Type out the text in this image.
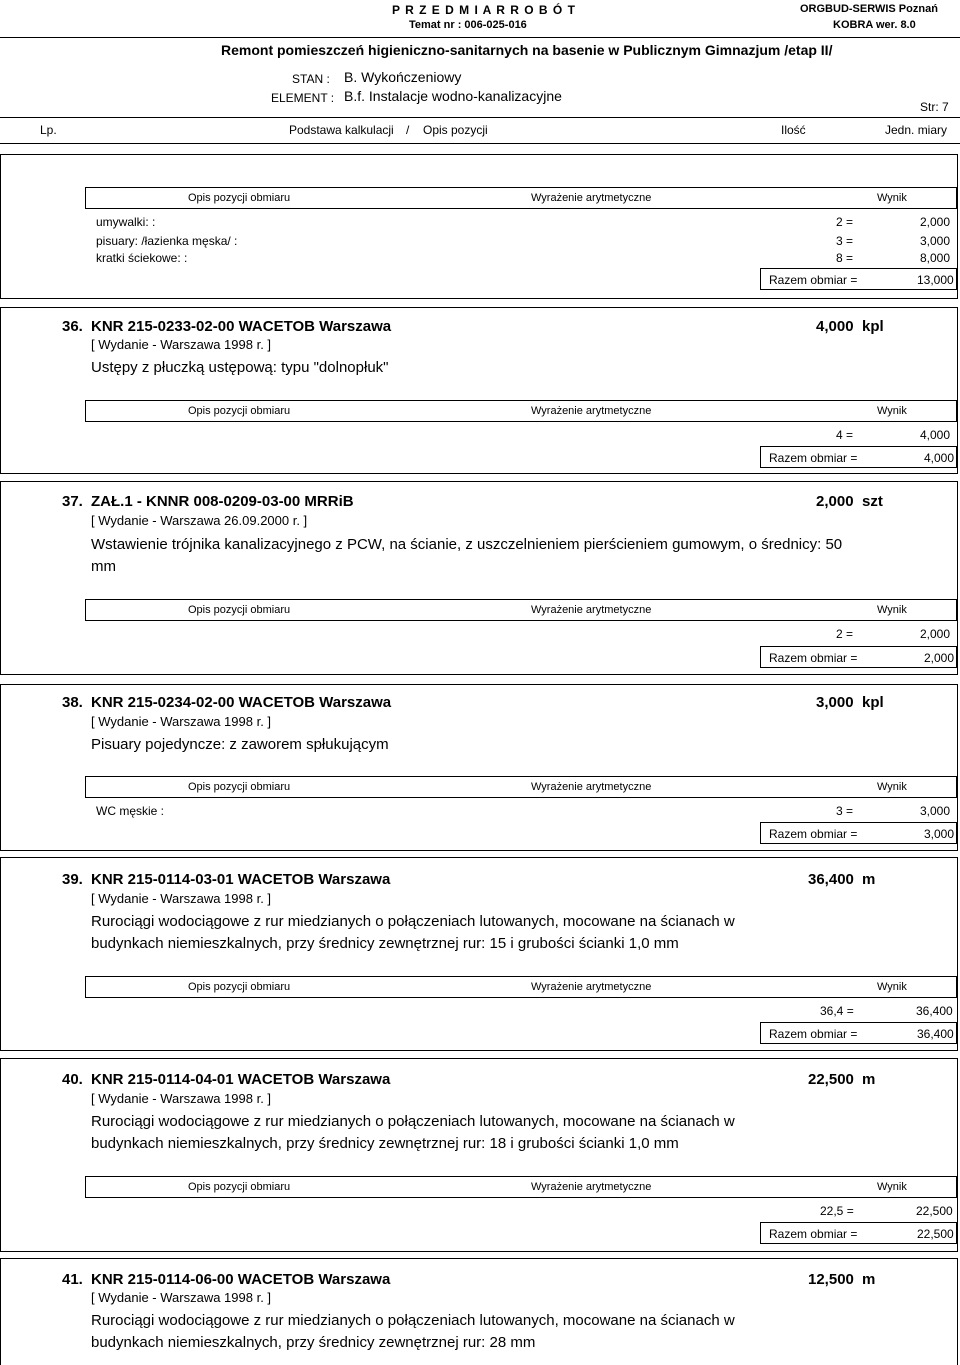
P R Z E D M I A R R O B Ó T
Temat nr : 006-025-016
ORGBUD-SERWIS Poznań
KOBRA wer. 8.0
Remont pomieszczeń higieniczno-sanitarnych na basenie w Publicznym Gimnazjum /etap II/
STAN : B. Wykończeniowy
ELEMENT : B.f. Instalacje wodno-kanalizacyjne
Str: 7
Lp.	Podstawa kalkulacji / Opis pozycji	Ilość	Jedn. miary
Opis pozycji obmiaru	Wyrażenie arytmetyczne	Wynik
umywalki: :	2 =	2,000
pisuary: /łazienka męska/ :	3 =	3,000
kratki ściekowe: :	8 =	8,000
Razem obmiar =	13,000
36. KNR 215-0233-02-00 WACETOB Warszawa	4,000 kpl
[ Wydanie - Warszawa 1998 r. ]
Ustępy z płuczką ustępową: typu "dolnopłuk"
Opis pozycji obmiaru	Wyrażenie arytmetyczne	Wynik
4 =	4,000
Razem obmiar =	4,000
37. ZAŁ.1 - KNNR 008-0209-03-00 MRRiB	2,000 szt
[ Wydanie - Warszawa 26.09.2000 r. ]
Wstawienie trójnika kanalizacyjnego z PCW, na ścianie, z uszczelnieniem pierścieniem gumowym, o średnicy: 50
mm
Opis pozycji obmiaru	Wyrażenie arytmetyczne	Wynik
2 =	2,000
Razem obmiar =	2,000
38. KNR 215-0234-02-00 WACETOB Warszawa	3,000 kpl
[ Wydanie - Warszawa 1998 r. ]
Pisuary pojedyncze: z zaworem spłukującym
Opis pozycji obmiaru	Wyrażenie arytmetyczne	Wynik
WC męskie :	3 =	3,000
Razem obmiar =	3,000
39. KNR 215-0114-03-01 WACETOB Warszawa	36,400 m
[ Wydanie - Warszawa 1998 r. ]
Rurociągi wodociągowe z rur miedzianych o połączeniach lutowanych, mocowane na ścianach w
budynkach niemieszkalnych, przy średnicy zewnętrznej rur: 15 i grubości ścianki 1,0 mm
Opis pozycji obmiaru	Wyrażenie arytmetyczne	Wynik
36,4 =	36,400
Razem obmiar =	36,400
40. KNR 215-0114-04-01 WACETOB Warszawa	22,500 m
[ Wydanie - Warszawa 1998 r. ]
Rurociągi wodociągowe z rur miedzianych o połączeniach lutowanych, mocowane na ścianach w
budynkach niemieszkalnych, przy średnicy zewnętrznej rur: 18 i grubości ścianki 1,0 mm
Opis pozycji obmiaru	Wyrażenie arytmetyczne	Wynik
22,5 =	22,500
Razem obmiar =	22,500
41. KNR 215-0114-06-00 WACETOB Warszawa	12,500 m
[ Wydanie - Warszawa 1998 r. ]
Rurociągi wodociągowe z rur miedzianych o połączeniach lutowanych, mocowane na ścianach w
budynkach niemieszkalnych, przy średnicy zewnętrznej rur: 28 mm
